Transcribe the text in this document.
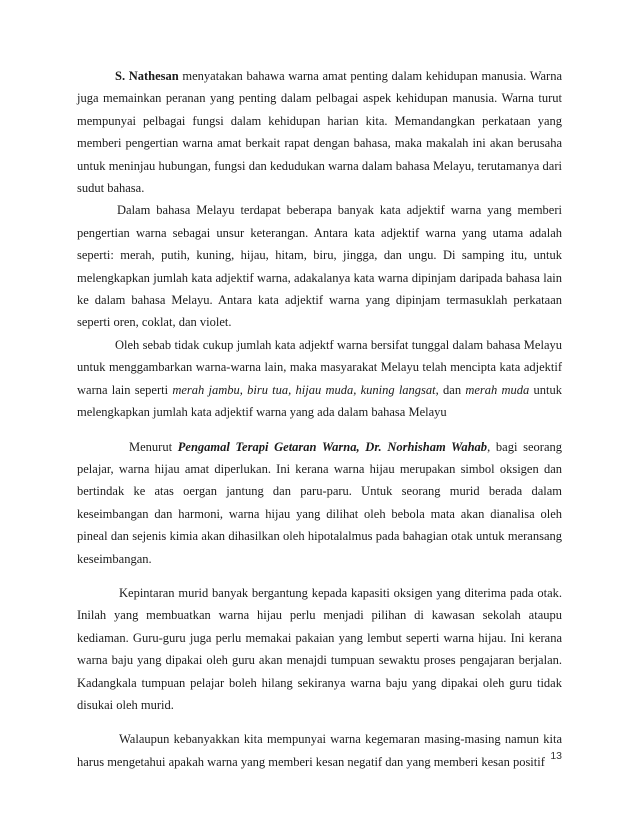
S. Nathesan menyatakan bahawa warna amat penting dalam kehidupan manusia. Warna juga memainkan peranan yang penting dalam pelbagai aspek kehidupan manusia. Warna turut mempunyai pelbagai fungsi dalam kehidupan harian kita. Memandangkan perkataan yang memberi pengertian warna amat berkait rapat dengan bahasa, maka makalah ini akan berusaha untuk meninjau hubungan, fungsi dan kedudukan warna dalam bahasa Melayu, terutamanya dari sudut bahasa.

Dalam bahasa Melayu terdapat beberapa banyak kata adjektif warna yang memberi pengertian warna sebagai unsur keterangan. Antara kata adjektif warna yang utama adalah seperti: merah, putih, kuning, hijau, hitam, biru, jingga, dan ungu. Di samping itu, untuk melengkapkan jumlah kata adjektif warna, adakalanya kata warna dipinjam daripada bahasa lain ke dalam bahasa Melayu. Antara kata adjektif warna yang dipinjam termasuklah perkataan seperti oren, coklat, dan violet.

Oleh sebab tidak cukup jumlah kata adjektf warna bersifat tunggal dalam bahasa Melayu untuk menggambarkan warna-warna lain, maka masyarakat Melayu telah mencipta kata adjektif warna lain seperti merah jambu, biru tua, hijau muda, kuning langsat, dan merah muda untuk melengkapkan jumlah kata adjektif warna yang ada dalam bahasa Melayu

Menurut Pengamal Terapi Getaran Warna, Dr. Norhisham Wahab, bagi seorang pelajar, warna hijau amat diperlukan. Ini kerana warna hijau merupakan simbol oksigen dan bertindak ke atas oergan jantung dan paru-paru. Untuk seorang murid berada dalam keseimbangan dan harmoni, warna hijau yang dilihat oleh bebola mata akan dianalisa oleh pineal dan sejenis kimia akan dihasilkan oleh hipotalalmus pada bahagian otak untuk meransang keseimbangan.

Kepintaran murid banyak bergantung kepada kapasiti oksigen yang diterima pada otak. Inilah yang membuatkan warna hijau perlu menjadi pilihan di kawasan sekolah ataupu kediaman. Guru-guru juga perlu memakai pakaian yang lembut seperti warna hijau. Ini kerana warna baju yang dipakai oleh guru akan menajdi tumpuan sewaktu proses pengajaran berjalan. Kadangkala tumpuan pelajar boleh hilang sekiranya warna baju yang dipakai oleh guru tidak disukai oleh murid.

Walaupun kebanyakkan kita mempunyai warna kegemaran masing-masing namun kita harus mengetahui apakah warna yang memberi kesan negatif dan yang memberi kesan positif 13
